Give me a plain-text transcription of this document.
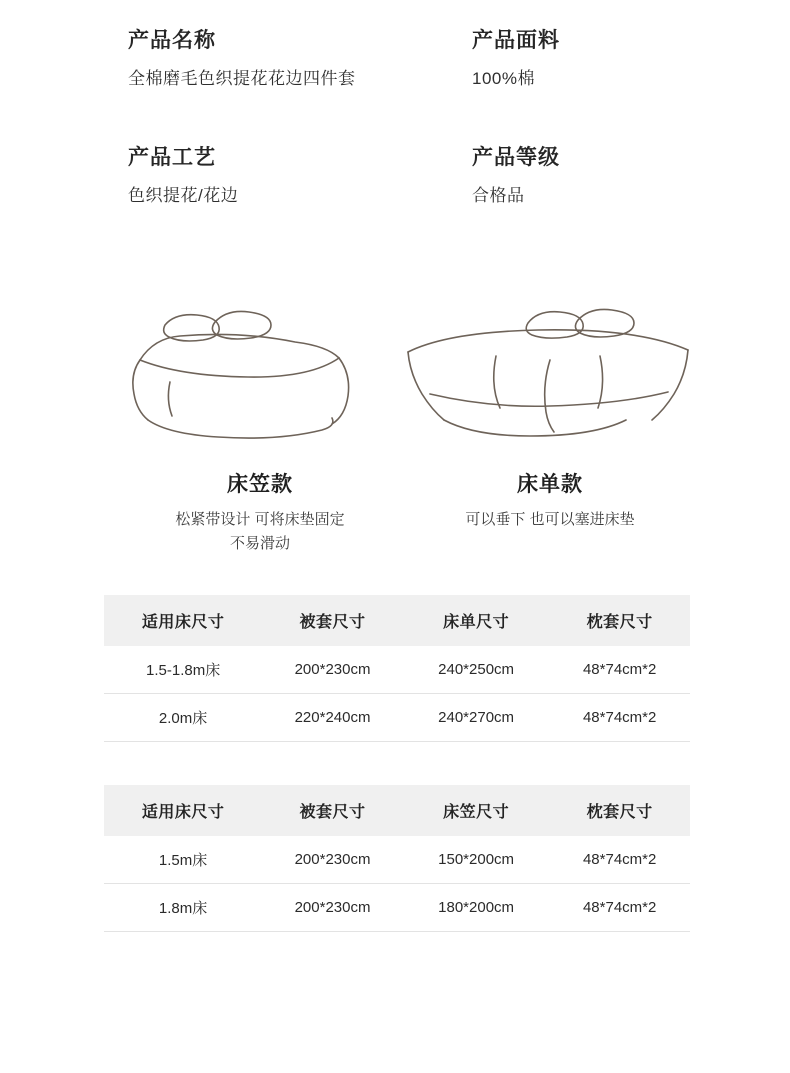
产品名称
全棉磨毛色织提花花边四件套
产品面料
100%棉
产品工艺
色织提花/花边
产品等级
合格品
床笠款
松紧带设计 可将床垫固定
不易滑动
床单款
可以垂下 也可以塞进床垫
适用床尺寸	被套尺寸	床单尺寸	枕套尺寸
1.5-1.8m床	200*230cm	240*250cm	48*74cm*2
2.0m床	220*240cm	240*270cm	48*74cm*2
适用床尺寸	被套尺寸	床笠尺寸	枕套尺寸
1.5m床	200*230cm	150*200cm	48*74cm*2
1.8m床	200*230cm	180*200cm	48*74cm*2
